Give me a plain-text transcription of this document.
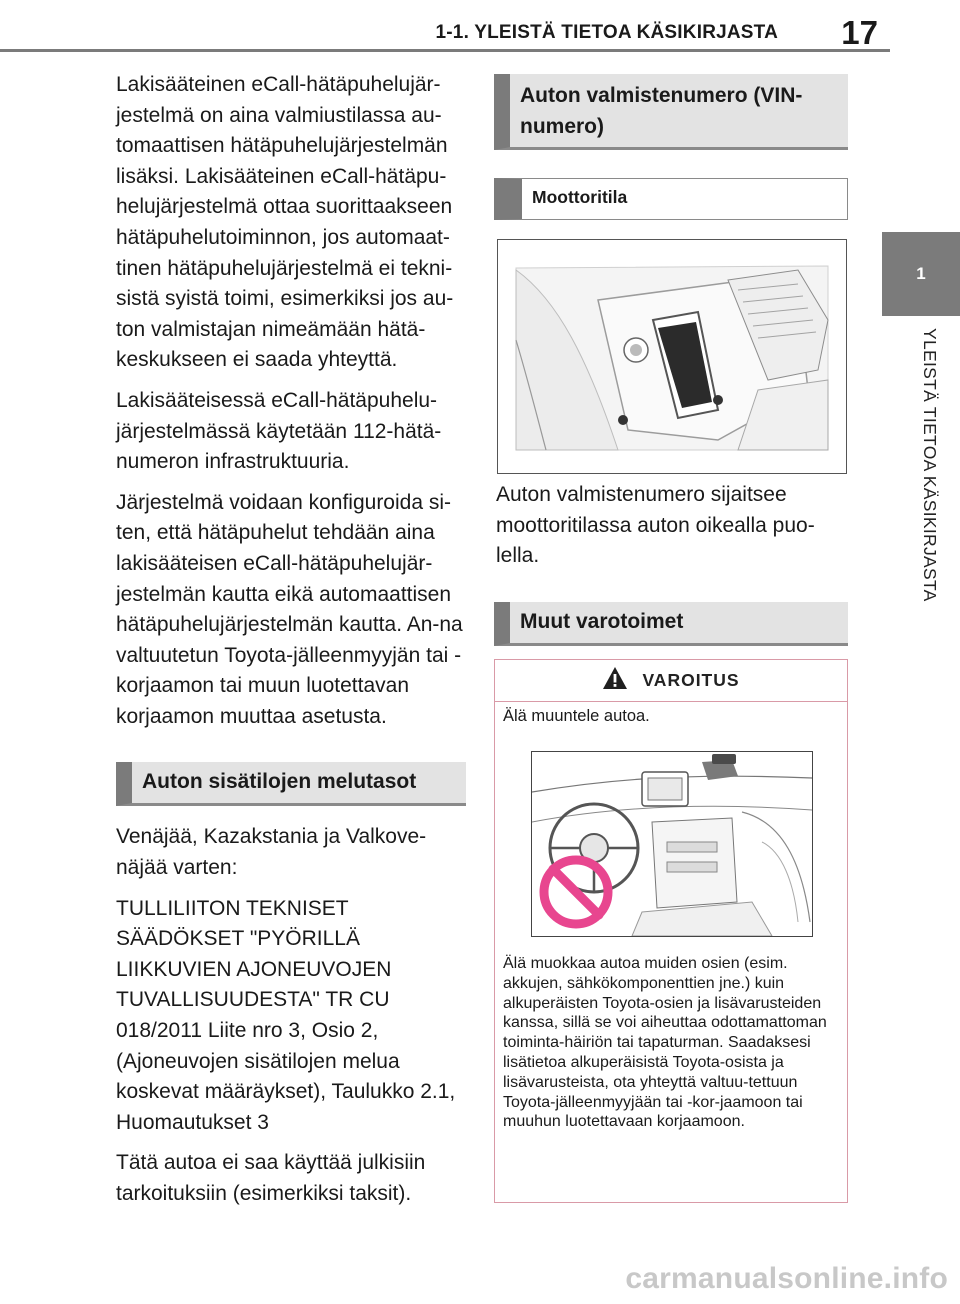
1-1. YLEISTÄ TIETOA KÄSIKIRJASTA 17
1
YLEISTÄ TIETOA KÄSIKIRJASTA

Lakisääteinen eCall-hätäpuhelujär-jestelmä on aina valmiustilassa au-tomaattisen hätäpuhelujärjestelmän lisäksi. Lakisääteinen eCall-hätäpu-helujärjestelmä ottaa suorittaakseen hätäpuhelutoiminnon, jos automaat-tinen hätäpuhelujärjestelmä ei tekni-sistä syistä toimi, esimerkiksi jos au-ton valmistajan nimeämään hätä-keskukseen ei saada yhteyttä.

Lakisääteisessä eCall-hätäpuhelu-järjestelmässä käytetään 112-hätä-numeron infrastruktuuria.

Järjestelmä voidaan konfiguroida si-ten, että hätäpuhelut tehdään aina lakisääteisen eCall-hätäpuhelujär-jestelmän kautta eikä automaattisen hätäpuhelujärjestelmän kautta. An-na valtuutetun Toyota-jälleenmyyjän tai -korjaamon tai muun luotettavan korjaamon muuttaa asetusta.

Auton sisätilojen melutasot

Venäjää, Kazakstania ja Valkove-näjää varten:

TULLILIITON TEKNISET SÄÄDÖKSET "PYÖRILLÄ LIIKKUVIEN AJONEUVOJEN TUVALLISUUDESTA" TR CU 018/2011 Liite nro 3, Osio 2, (Ajoneuvojen sisätilojen melua koskevat määräykset), Taulukko 2.1, Huomautukset 3

Tätä autoa ei saa käyttää julkisiin tarkoituksiin (esimerkiksi taksit).

Auton valmistenumero (VIN-numero)
Moottoritila
Auton valmistenumero sijaitsee moottoritilassa auton oikealla puo-lella.
Muut varotoimet
VAROITUS
Älä muuntele autoa.
Älä muokkaa autoa muiden osien (esim. akkujen, sähkökomponenttien jne.) kuin alkuperäisten Toyota-osien ja lisävarusteiden kanssa, sillä se voi aiheuttaa odottamattoman toiminta-häiriön tai tapaturman. Saadaksesi lisätietoa alkuperäisistä Toyota-osista ja lisävarusteista, ota yhteyttä valtuu-tettuun Toyota-jälleenmyyjään tai -kor-jaamoon tai muuhun luotettavaan korjaamoon.
carmanualsonline.info
